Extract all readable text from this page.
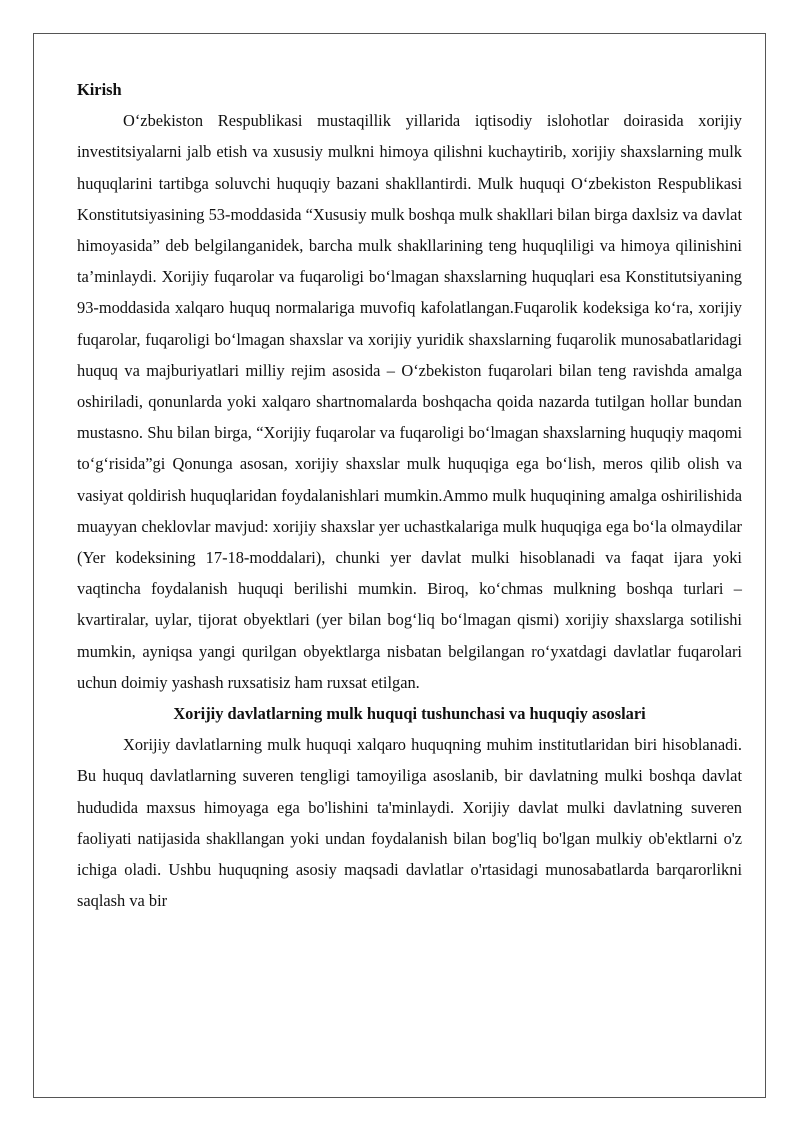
Kirish

O‘zbekiston Respublikasi mustaqillik yillarida iqtisodiy islohotlar doirasida xorijiy investitsiyalarni jalb etish va xususiy mulkni himoya qilishni kuchaytirib, xorijiy shaxslarning mulk huquqlarini tartibga soluvchi huquqiy bazani shakllantirdi. Mulk huquqi O‘zbekiston Respublikasi Konstitutsiyasining 53-moddasida “Xususiy mulk boshqa mulk shakllari bilan birga daxlsiz va davlat himoyasida” deb belgilanganidek, barcha mulk shakllarining teng huquqliligi va himoya qilinishini ta’minlaydi. Xorijiy fuqarolar va fuqaroligi bo‘lmagan shaxslarning huquqlari esa Konstitutsiyaning 93-moddasida xalqaro huquq normalariga muvofiq kafolatlangan.Fuqarolik kodeksiga ko‘ra, xorijiy fuqarolar, fuqaroligi bo‘lmagan shaxslar va xorijiy yuridik shaxslarning fuqarolik munosabatlaridagi huquq va majburiyatlari milliy rejim asosida – O‘zbekiston fuqarolari bilan teng ravishda amalga oshiriladi, qonunlarda yoki xalqaro shartnomalarda boshqacha qoida nazarda tutilgan hollar bundan mustasno. Shu bilan birga, “Xorijiy fuqarolar va fuqaroligi bo‘lmagan shaxslarning huquqiy maqomi to‘g‘risida”gi Qonunga asosan, xorijiy shaxslar mulk huquqiga ega bo‘lish, meros qilib olish va vasiyat qoldirish huquqlaridan foydalanishlari mumkin.Ammo mulk huquqining amalga oshirilishida muayyan cheklovlar mavjud: xorijiy shaxslar yer uchastkalariga mulk huquqiga ega bo‘la olmaydilar (Yer kodeksining 17-18-moddalari), chunki yer davlat mulki hisoblanadi va faqat ijara yoki vaqtincha foydalanish huquqi berilishi mumkin. Biroq, ko‘chmas mulkning boshqa turlari – kvartiralar, uylar, tijorat obyektlari (yer bilan bog‘liq bo‘lmagan qismi) xorijiy shaxslarga sotilishi mumkin, ayniqsa yangi qurilgan obyektlarga nisbatan belgilangan ro‘yxatdagi davlatlar fuqarolari uchun doimiy yashash ruxsatisiz ham ruxsat etilgan.

Xorijiy davlatlarning mulk huquqi tushunchasi va huquqiy asoslari

Xorijiy davlatlarning mulk huquqi xalqaro huquqning muhim institutlaridan biri hisoblanadi. Bu huquq davlatlarning suveren tengligi tamoyiliga asoslanib, bir davlatning mulki boshqa davlat hududida maxsus himoyaga ega bo'lishini ta'minlaydi. Xorijiy davlat mulki davlatning suveren faoliyati natijasida shakllangan yoki undan foydalanish bilan bog'liq bo'lgan mulkiy ob'ektlarni o'z ichiga oladi. Ushbu huquqning asosiy maqsadi davlatlar o'rtasidagi munosabatlarda barqarorlikni saqlash va bir
